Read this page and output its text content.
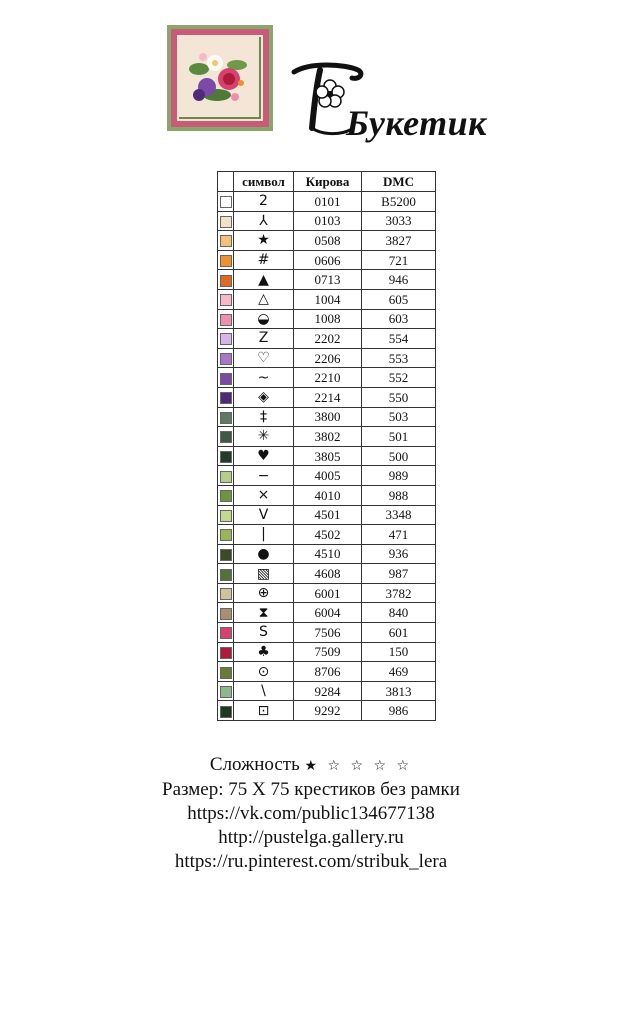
Букетик
	символ	Кирова	DMC
	2	0101	B5200
	⅄	0103	3033
	★	0508	3827
	#	0606	721
	▲	0713	946
	△	1004	605
	◒	1008	603
	Z	2202	554
	♡	2206	553
	~	2210	552
	◈	2214	550
	‡	3800	503
	✳	3802	501
	♥	3805	500
	−	4005	989
	×	4010	988
	V	4501	3348
	|	4502	471
	●	4510	936
	▧	4608	987
	⊕	6001	3782
	⧗	6004	840
	S	7506	601
	♣	7509	150
	⊙	8706	469
	\	9284	3813
	⊡	9292	986
Сложность ★ ☆ ☆ ☆ ☆
Размер: 75 Х 75 крестиков без рамки
https://vk.com/public134677138
http://pustelga.gallery.ru
https://ru.pinterest.com/stribuk_lera
